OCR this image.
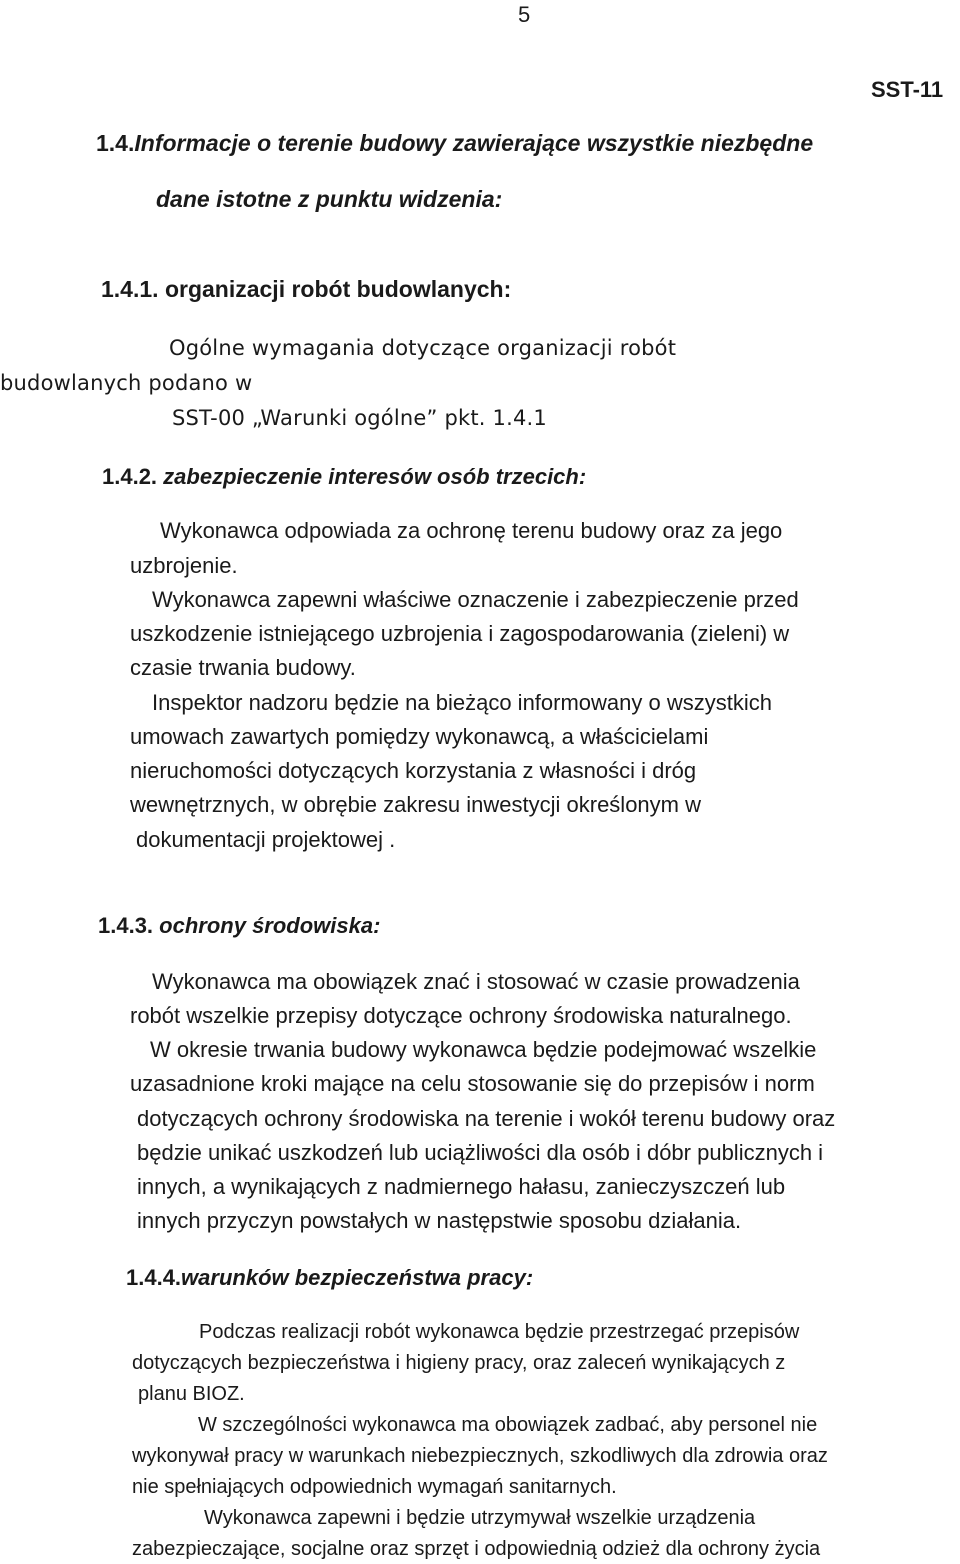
5
SST-11
1.4.Informacje o terenie budowy zawierające wszystkie niezbędne
dane istotne z punktu widzenia:
1.4.1. organizacji robót budowlanych:
Ogólne wymagania dotyczące organizacji robót
budowlanych podano w
SST-00 „Warunki ogólne” pkt. 1.4.1
1.4.2. zabezpieczenie interesów osób trzecich:
Wykonawca odpowiada za ochronę terenu budowy oraz za jego
uzbrojenie.
Wykonawca zapewni właściwe oznaczenie i zabezpieczenie przed
uszkodzenie istniejącego uzbrojenia i zagospodarowania (zieleni) w
czasie trwania budowy.
Inspektor nadzoru będzie na bieżąco informowany o wszystkich
umowach zawartych pomiędzy wykonawcą, a właścicielami
nieruchomości dotyczących korzystania z własności i dróg
wewnętrznych, w obrębie zakresu inwestycji określonym w
dokumentacji projektowej .
1.4.3. ochrony środowiska:
Wykonawca ma obowiązek znać i stosować w czasie prowadzenia
robót wszelkie przepisy dotyczące ochrony środowiska naturalnego.
W okresie trwania budowy wykonawca będzie podejmować wszelkie
uzasadnione kroki mające na celu stosowanie się do przepisów i norm
dotyczących ochrony środowiska na terenie i wokół terenu budowy oraz
będzie unikać uszkodzeń lub uciążliwości dla osób i dóbr publicznych i
innych, a wynikających z nadmiernego hałasu, zanieczyszczeń lub
innych przyczyn powstałych w następstwie sposobu działania.
1.4.4.warunków bezpieczeństwa pracy:
Podczas realizacji robót wykonawca będzie przestrzegać przepisów
dotyczących bezpieczeństwa i higieny pracy, oraz zaleceń wynikających z
planu BIOZ.
W szczególności wykonawca ma obowiązek zadbać, aby personel nie
wykonywał pracy w warunkach niebezpiecznych, szkodliwych dla zdrowia oraz
nie spełniających odpowiednich wymagań sanitarnych.
Wykonawca zapewni i będzie utrzymywał wszelkie urządzenia
zabezpieczające, socjalne oraz sprzęt i odpowiednią odzież dla ochrony życia
